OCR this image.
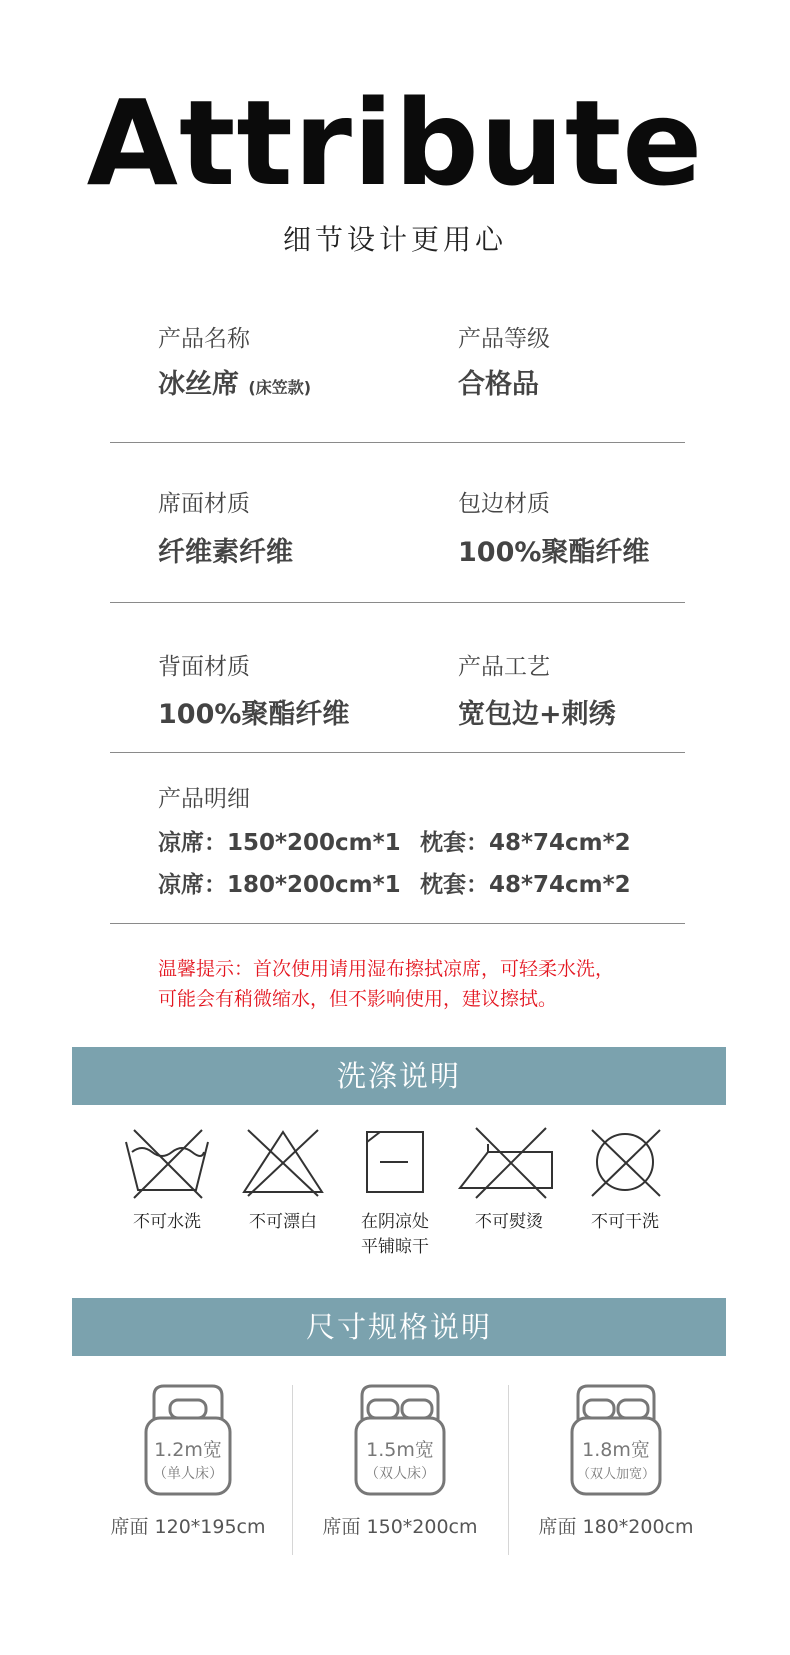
Attribute
细节设计更用心
产品名称
冰丝席 (床笠款)
产品等级
合格品
席面材质
纤维素纤维
包边材质
100%聚酯纤维
背面材质
100%聚酯纤维
产品工艺
宽包边+刺绣
产品明细
凉席：150*200cm*1 枕套：48*74cm*2
凉席：180*200cm*1 枕套：48*74cm*2
温馨提示：首次使用请用湿布擦拭凉席，可轻柔水洗，
可能会有稍微缩水，但不影响使用，建议擦拭。
洗涤说明
不可水洗	不可漂白	在阴凉处
平铺晾干
不可熨烫	不可干洗
尺寸规格说明
1.2m宽
（单人床）
席面 120*195cm
1.5m宽
（双人床）
席面 150*200cm
1.8m宽
（双人加宽）
席面 180*200cm
